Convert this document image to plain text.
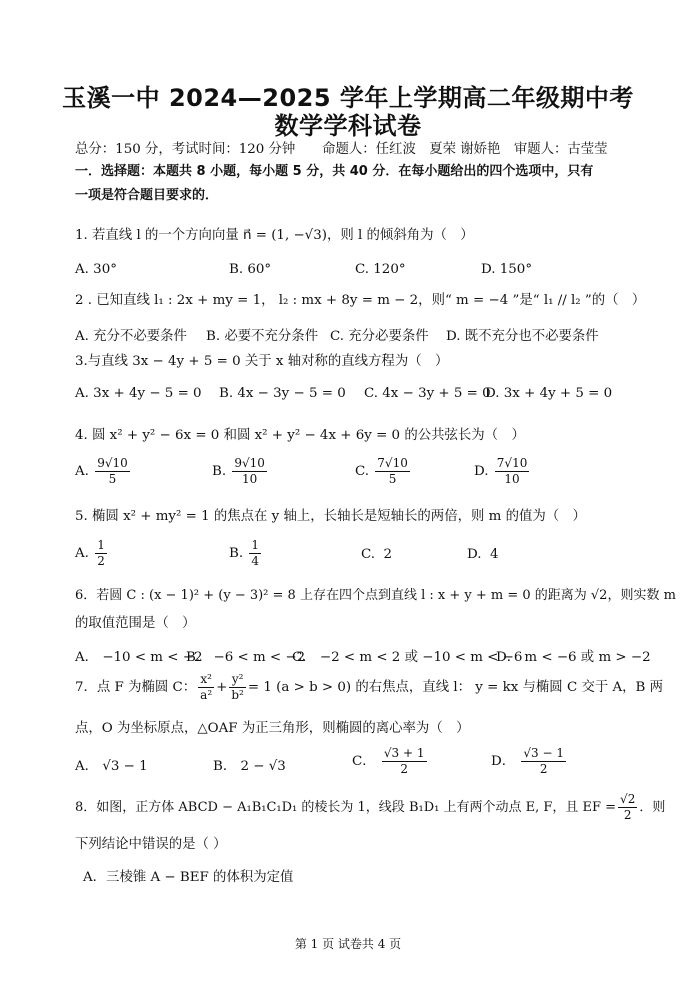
玉溪一中 2024—2025 学年上学期高二年级期中考
数学学科试卷
总分：150 分，考试时间：120 分钟　　命题人：任红波　夏荣 谢娇艳　审题人：古莹莹
一．选择题：本题共 8 小题，每小题 5 分，共 40 分．在每小题给出的四个选项中，只有
一项是符合题目要求的．
1. 若直线 l 的一个方向向量 n⃗ = (1, −√3)，则 l 的倾斜角为（　）
A. 30°	B. 60°	C. 120°	D. 150°
2 . 已知直线 l₁ : 2x + my = 1， l₂ : mx + 8y = m − 2，则“ m = −4 ”是“ l₁ // l₂ ”的（　）
A. 充分不必要条件 B. 必要不充分条件 C. 充分必要条件 D. 既不充分也不必要条件
3.与直线 3x − 4y + 5 = 0 关于 x 轴对称的直线方程为（　）
A. 3x + 4y − 5 = 0 B. 4x − 3y − 5 = 0 C. 4x − 3y + 5 = 0
D. 3x + 4y + 5 = 0
4. 圆 x² + y² − 6x = 0 和圆 x² + y² − 4x + 6y = 0 的公共弦长为（　）
A. $\frac{9√10}{5}$	B. $\frac{9√10}{10}$	C. $\frac{7√10}{5}$	D. $\frac{7√10}{10}$
5. 椭圆 x² + my² = 1 的焦点在 y 轴上，长轴长是短轴长的两倍，则 m 的值为（　）
A. $\frac{1}{2}$	B. $\frac{1}{4}$	C. 2	D. 4
6．若圆 C : (x − 1)² + (y − 3)² = 8 上存在四个点到直线 l : x + y + m = 0 的距离为 √2，则实数 m
的取值范围是（　）
A． −10 < m < −2
B． −6 < m < −2
C． −2 < m < 2 或 −10 < m < −6
D． m < −6 或 m > −2
7．点 F 为椭圆 C： $\frac{\text{x²}}{\text{a²}} + \frac{\text{y²}}{\text{b²}} = 1$ (a > b > 0) 的右焦点，直线 l： y = kx 与椭圆 C 交于 A，B 两
点，O 为坐标原点，△OAF 为正三角形，则椭圆的离心率为（　）
A． √3 − 1	B． 2 − √3	C． $\frac{√3 + 1}{2}$	D． $\frac{√3 - 1}{2}$
8．如图，正方体 ABCD − A₁B₁C₁D₁ 的棱长为 1，线段 B₁D₁ 上有两个动点 E, F，且 EF = $\frac{√2}{2}$ ．则
下列结论中错误的是（ ）
A．三棱锥 A − BEF 的体积为定值
第 1 页 试卷共 4 页
